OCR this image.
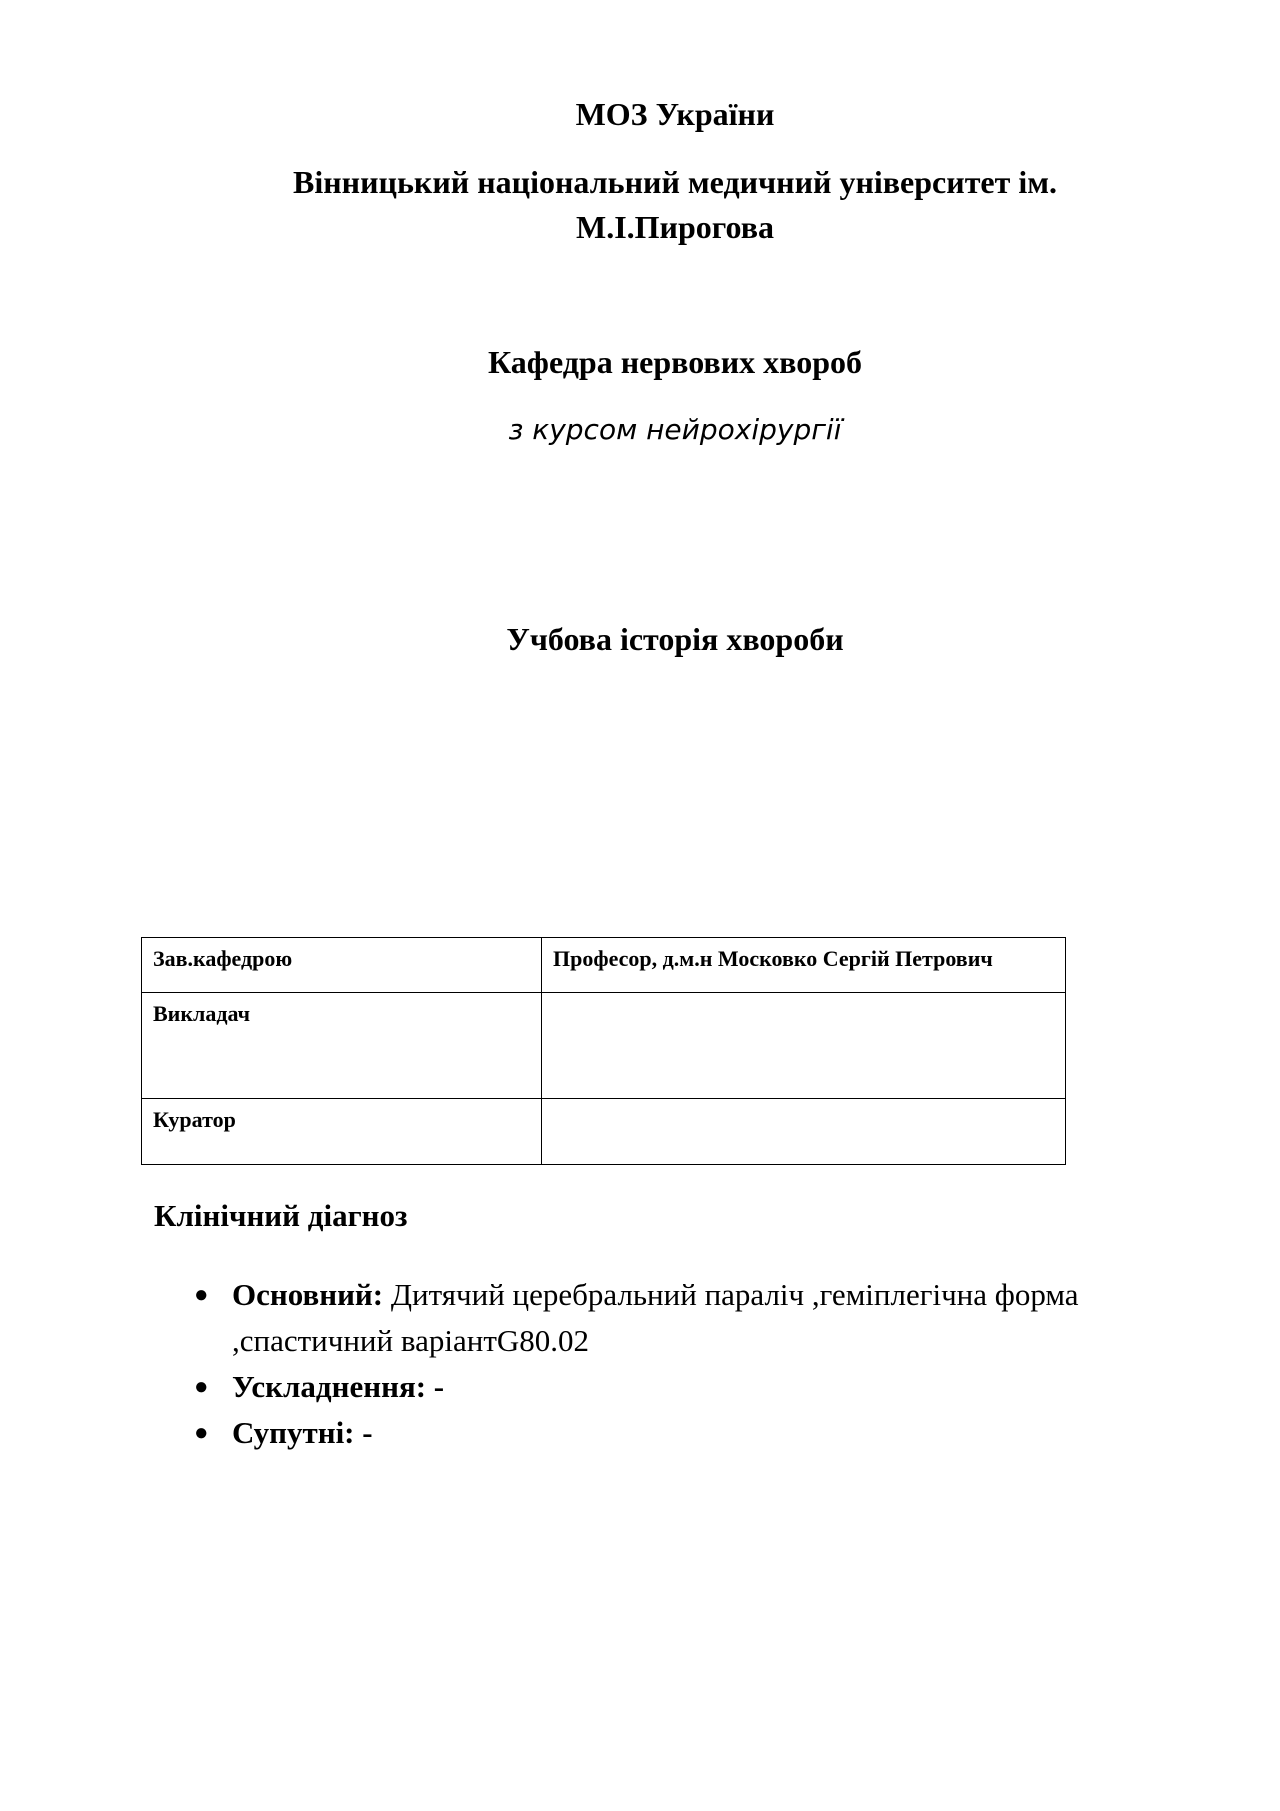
МОЗ України
Вінницький національний медичний університет ім.
М.І.Пирогова
Кафедра нервових хвороб
з курсом нейрохірургії
Учбова історія хвороби
Зав.кафедрою	Професор, д.м.н Московко Сергій Петрович
Викладач	
Куратор	
Клінічний діагноз
● Основний: Дитячий церебральний параліч ,геміплегічна форма ,спастичний варіантG80.02
● Ускладнення: -
● Супутні: -
